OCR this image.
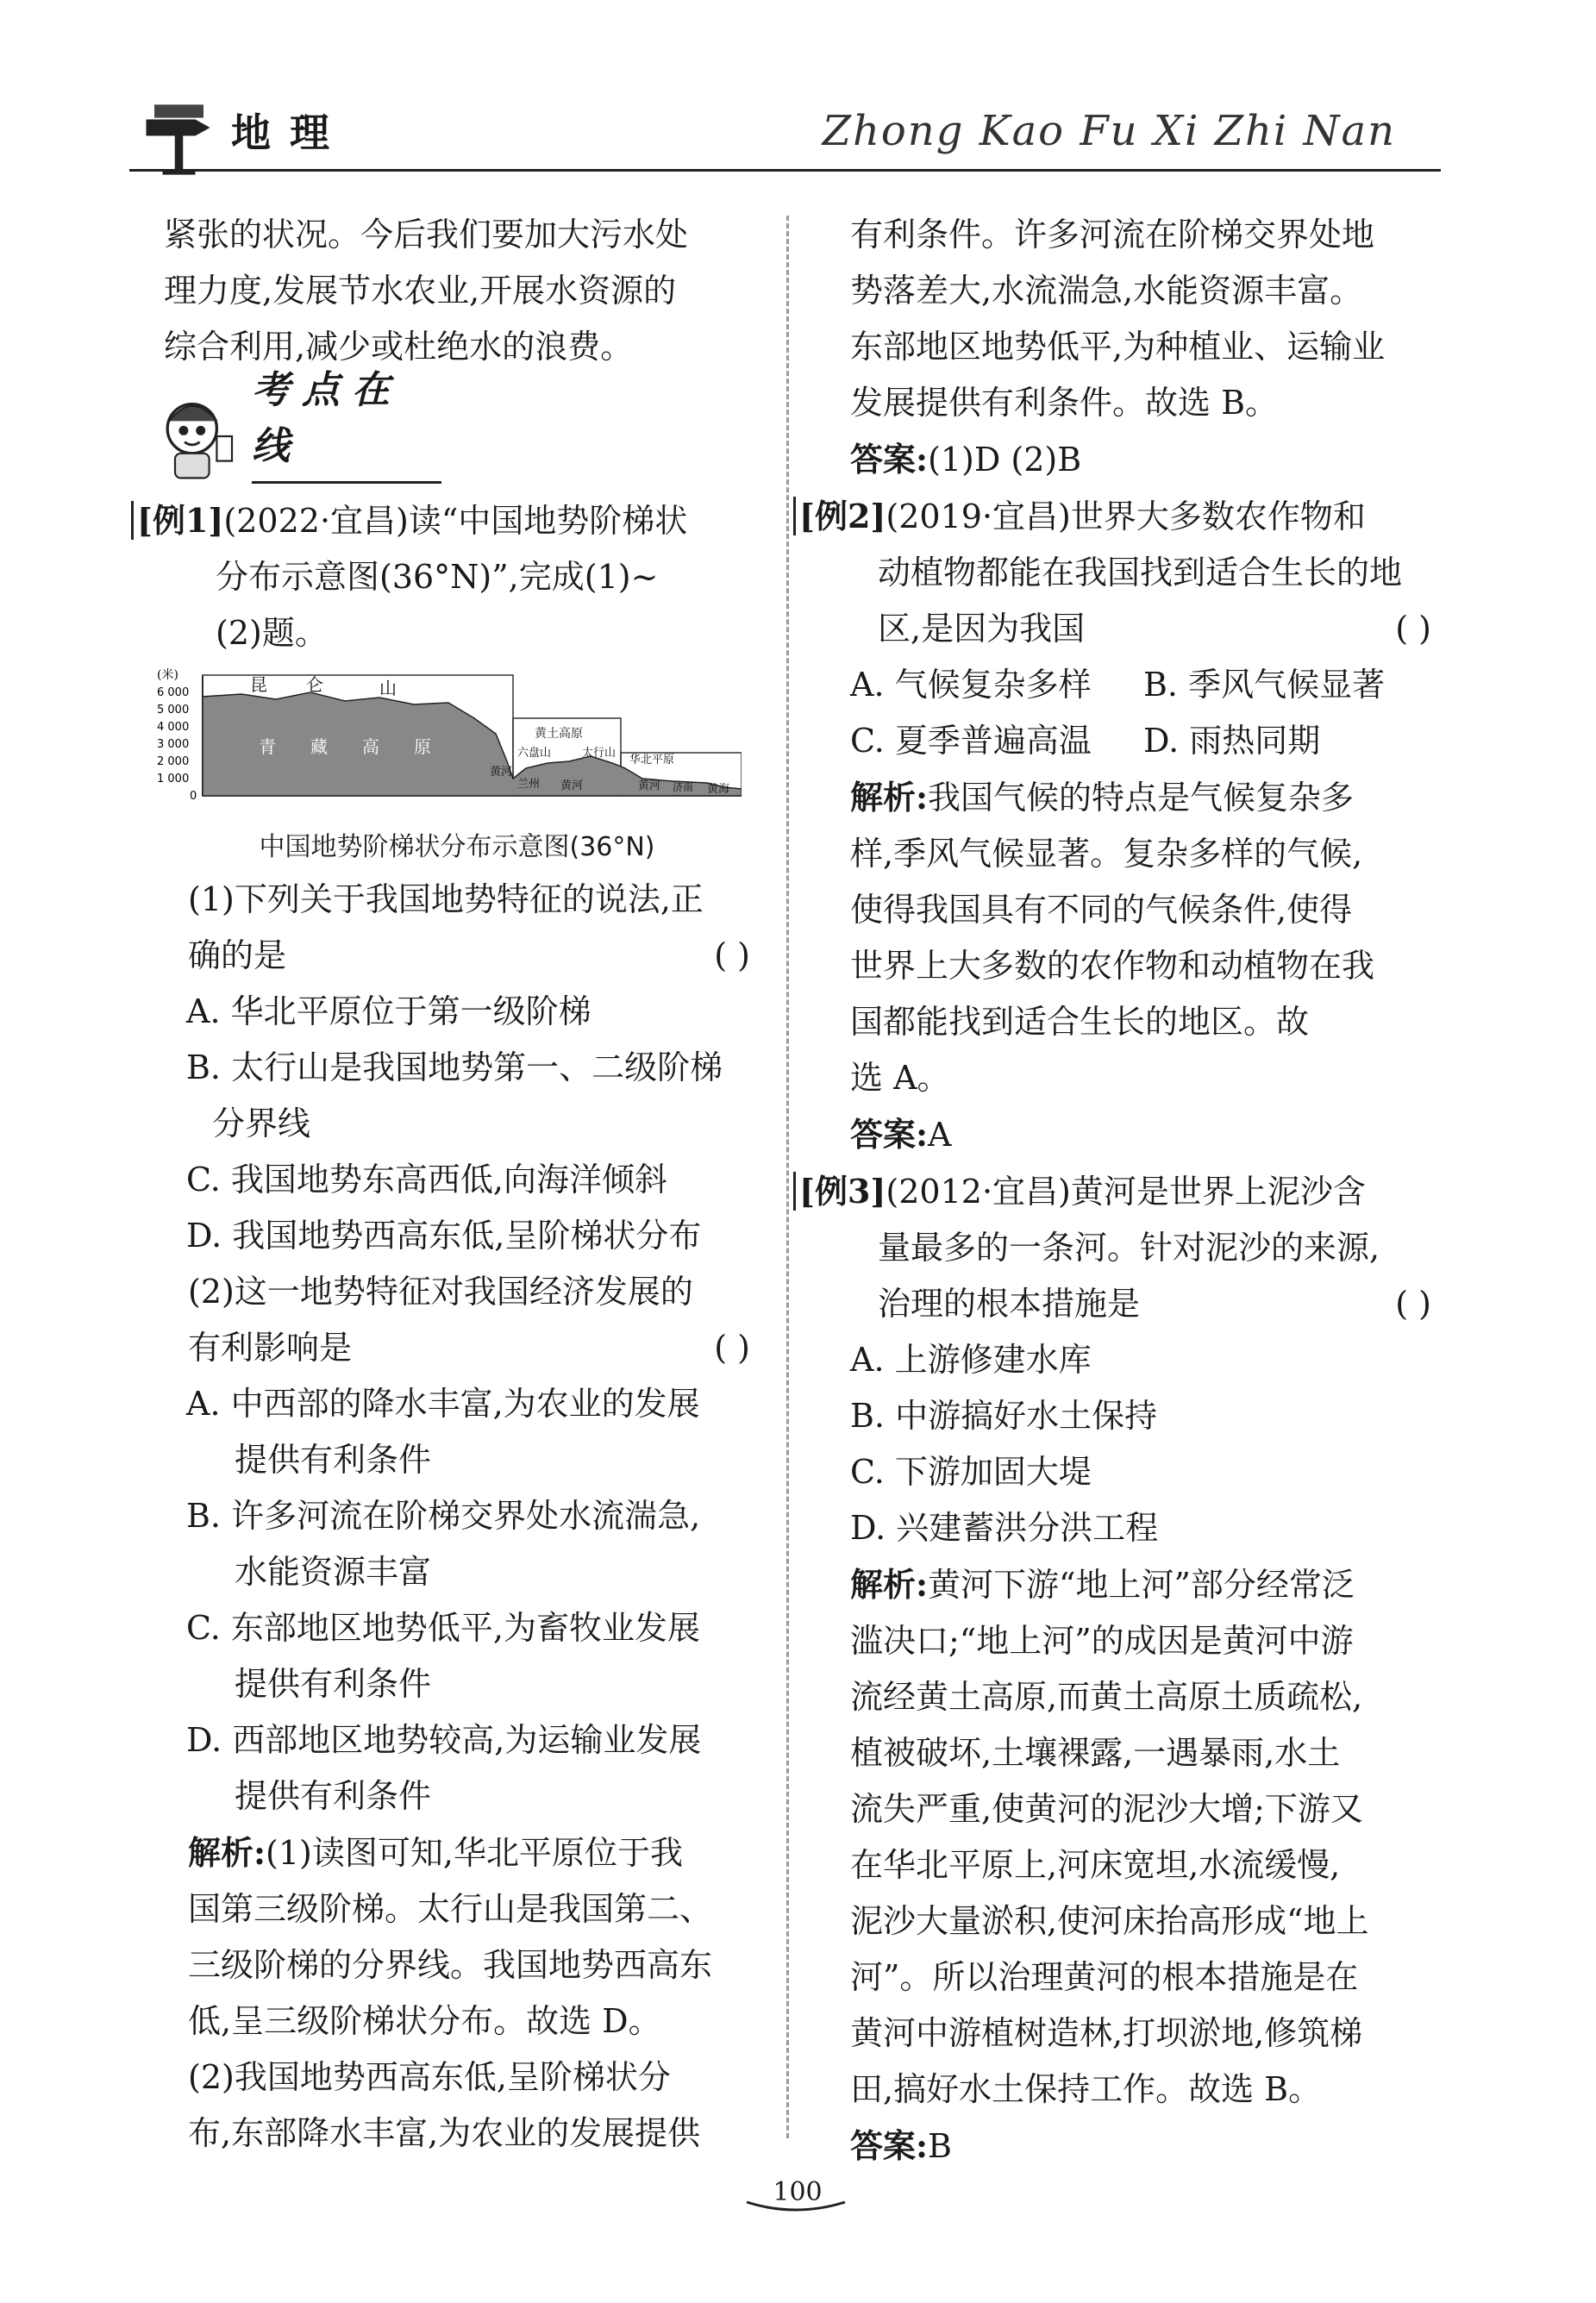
地理	Zhong Kao Fu Xi Zhi Nan

紧张的状况。今后我们要加大污水处

理力度,发展节水农业,开展水资源的

综合利用,减少或杜绝水的浪费。

考点在线

[例1](2022·宜昌)读“中国地势阶梯状

分布示意图(36°N)”,完成(1)~

(2)题。

(米)
6 000
5 000
4 000
3 000
2 000
1 000
0
昆 仑	山
青 藏 高 原
黄土高原
六盘山	太行山
华北平原
兰州
黄河
黄河	黄河 济南 黄海
中国地势阶梯状分布示意图(36°N)

(1)下列关于我国地势特征的说法,正

确的是	( )

A. 华北平原位于第一级阶梯

B. 太行山是我国地势第一、二级阶梯

分界线

C. 我国地势东高西低,向海洋倾斜

D. 我国地势西高东低,呈阶梯状分布

(2)这一地势特征对我国经济发展的

有利影响是	( )

A. 中西部的降水丰富,为农业的发展

提供有利条件

B. 许多河流在阶梯交界处水流湍急,

水能资源丰富

C. 东部地区地势低平,为畜牧业发展

提供有利条件

D. 西部地区地势较高,为运输业发展

提供有利条件

解析:(1)读图可知,华北平原位于我

国第三级阶梯。太行山是我国第二、

三级阶梯的分界线。我国地势西高东

低,呈三级阶梯状分布。故选 D。

(2)我国地势西高东低,呈阶梯状分

布,东部降水丰富,为农业的发展提供

有利条件。许多河流在阶梯交界处地

势落差大,水流湍急,水能资源丰富。

东部地区地势低平,为种植业、运输业

发展提供有利条件。故选 B。

答案:(1)D (2)B

[例2](2019·宜昌)世界大多数农作物和

动植物都能在我国找到适合生长的地

区,是因为我国	( )

A. 气候复杂多样 B. 季风气候显著

C. 夏季普遍高温 D. 雨热同期

解析:我国气候的特点是气候复杂多

样,季风气候显著。复杂多样的气候,

使得我国具有不同的气候条件,使得

世界上大多数的农作物和动植物在我

国都能找到适合生长的地区。故

选 A。

答案:A

[例3](2012·宜昌)黄河是世界上泥沙含

量最多的一条河。针对泥沙的来源,

治理的根本措施是	( )

A. 上游修建水库

B. 中游搞好水土保持

C. 下游加固大堤

D. 兴建蓄洪分洪工程

解析:黄河下游“地上河”部分经常泛

滥决口;“地上河”的成因是黄河中游

流经黄土高原,而黄土高原土质疏松,

植被破坏,土壤裸露,一遇暴雨,水土

流失严重,使黄河的泥沙大增;下游又

在华北平原上,河床宽坦,水流缓慢,

泥沙大量淤积,使河床抬高形成“地上

河”。所以治理黄河的根本措施是在

黄河中游植树造林,打坝淤地,修筑梯

田,搞好水土保持工作。故选 B。

答案:B

100
